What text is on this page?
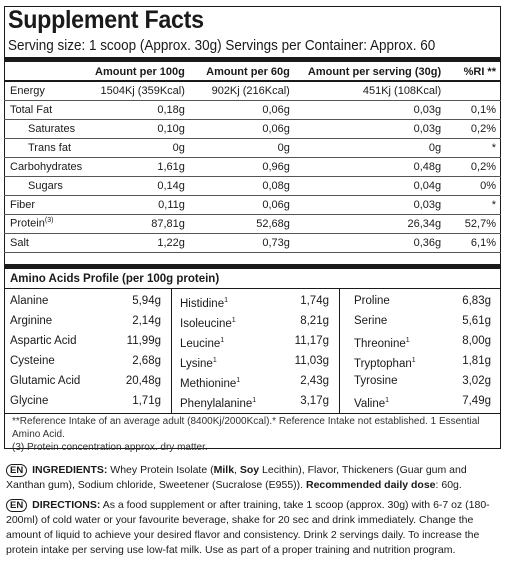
Supplement Facts
Serving size: 1 scoop (Approx. 30g) Servings per Container: Approx. 60
	Amount per 100g	Amount per 60g	Amount per serving (30g)	%RI **
Energy	1504Kj (359Kcal)	902Kj (216Kcal)	451Kj (108Kcal)	
Total Fat	0,18g	0,06g	0,03g	0,1%
Saturates	0,10g	0,06g	0,03g	0,2%
Trans fat	0g	0g	0g	*
Carbohydrates	1,61g	0,96g	0,48g	0,2%
Sugars	0,14g	0,08g	0,04g	0%
Fiber	0,11g	0,06g	0,03g	*
Protein$^{(3)}$	87,81g	52,68g	26,34g	52,7%
Salt	1,22g	0,73g	0,36g	6,1%
Amino Acids Profile (per 100g protein)
Alanine	5,94g
Arginine	2,14g
Aspartic Acid	11,99g
Cysteine	2,68g
Glutamic Acid	20,48g
Glycine	1,71g
Histidine$^1$	1,74g
Isoleucine$^1$	8,21g
Leucine$^1$	11,17g
Lysine$^1$	11,03g
Methionine$^1$	2,43g
Phenylalanine$^1$	3,17g
Proline	6,83g
Serine	5,61g
Threonine$^1$	8,00g
Tryptophan$^1$	1,81g
Tyrosine	3,02g
Valine$^1$	7,49g
**Reference Intake of an average adult (8400Kj/2000Kcal).* Reference Intake not established. 1 Essential Amino Acid.
(3) Protein concentration approx. dry matter.
EN INGREDIENTS: Whey Protein Isolate (Milk, Soy Lecithin), Flavor, Thickeners (Guar gum and Xanthan gum), Sodium chloride, Sweetener (Sucralose (E955)). Recommended daily dose: 60g.
EN DIRECTIONS: As a food supplement or after training, take 1 scoop (approx. 30g) with 6-7 oz (180-200ml) of cold water or your favourite beverage, shake for 20 sec and drink immediately. Change the amount of liquid to achieve your desired flavor and consistency. Drink 2 servings daily. To increase the protein intake per serving use low-fat milk. Use as part of a proper training and nutrition program.
